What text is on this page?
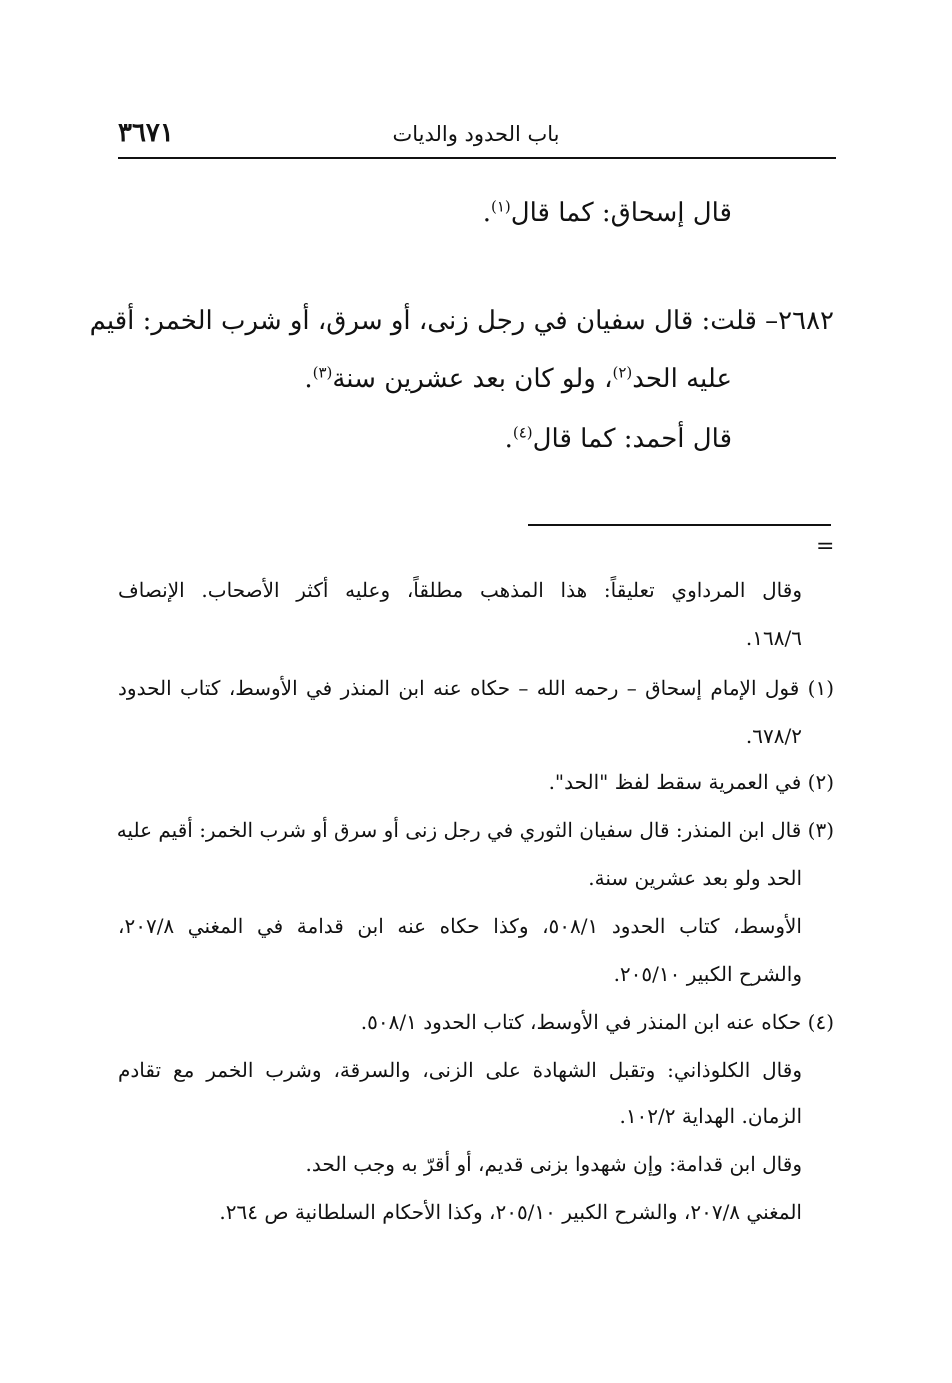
٣٦٧١	باب الحدود والديات
قال إسحاق: كما قال$^{(١)}$.
٢٦٨٢– قلت: قال سفيان في رجل زنى، أو سرق، أو شرب الخمر: أقيم
عليه الحد$^{(٢)}$، ولو كان بعد عشرين سنة$^{(٣)}$.
قال أحمد: كما قال$^{(٤)}$.
=
وقال المرداوي تعليقاً: هذا المذهب مطلقاً، وعليه أكثر الأصحاب. الإنصاف
١٦٨/٦.
(١) قول الإمام إسحاق – رحمه الله – حكاه عنه ابن المنذر في الأوسط، كتاب الحدود
٦٧٨/٢.
(٢) في العمرية سقط لفظ "الحد".
(٣) قال ابن المنذر: قال سفيان الثوري في رجل زنى أو سرق أو شرب الخمر: أقيم عليه
الحد ولو بعد عشرين سنة.
الأوسط، كتاب الحدود ٥٠٨/١، وكذا حكاه عنه ابن قدامة في المغني ٢٠٧/٨،
والشرح الكبير ٢٠٥/١٠.
(٤) حكاه عنه ابن المنذر في الأوسط، كتاب الحدود ٥٠٨/١.
وقال الكلوذاني: وتقبل الشهادة على الزنى، والسرقة، وشرب الخمر مع تقادم
الزمان. الهداية ١٠٢/٢.
وقال ابن قدامة: وإن شهدوا بزنى قديم، أو أقرّ به وجب الحد.
المغني ٢٠٧/٨، والشرح الكبير ٢٠٥/١٠، وكذا الأحكام السلطانية ص ٢٦٤.
